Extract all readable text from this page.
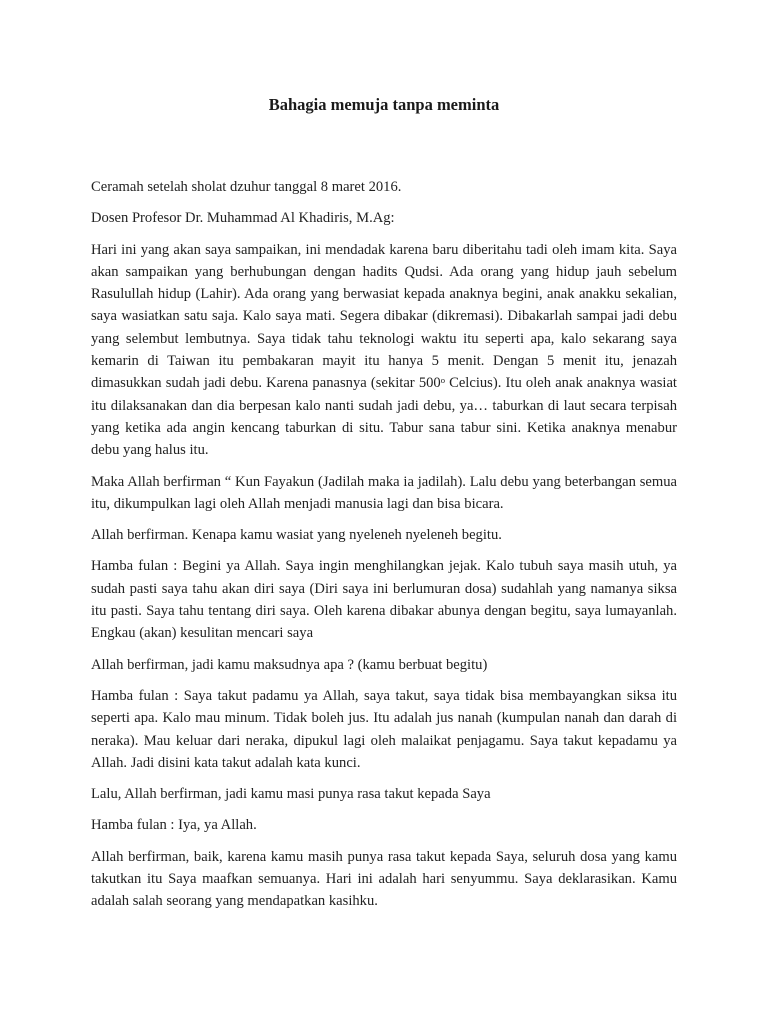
Bahagia memuja tanpa meminta

Ceramah setelah sholat dzuhur tanggal 8 maret 2016.

Dosen Profesor Dr. Muhammad Al Khadiris, M.Ag:

Hari ini yang akan saya sampaikan, ini mendadak karena baru diberitahu tadi oleh imam kita. Saya akan sampaikan yang berhubungan dengan hadits Qudsi. Ada orang yang hidup jauh sebelum Rasulullah hidup (Lahir). Ada orang yang berwasiat kepada anaknya begini, anak anakku sekalian, saya wasiatkan satu saja. Kalo saya mati. Segera dibakar (dikremasi). Dibakarlah sampai jadi debu yang selembut lembutnya. Saya tidak tahu teknologi waktu itu seperti apa, kalo sekarang saya kemarin di Taiwan itu pembakaran mayit itu hanya 5 menit. Dengan 5 menit itu, jenazah dimasukkan sudah jadi debu. Karena panasnya (sekitar 500ᵒ Celcius). Itu oleh anak anaknya wasiat itu dilaksanakan dan dia berpesan kalo nanti sudah jadi debu, ya… taburkan di laut secara terpisah yang ketika ada angin kencang taburkan di situ. Tabur sana tabur sini. Ketika anaknya menabur debu yang halus itu.

Maka Allah berfirman “ Kun Fayakun (Jadilah maka ia jadilah). Lalu debu yang beterbangan semua itu, dikumpulkan lagi oleh Allah menjadi manusia lagi dan bisa bicara.

Allah berfirman. Kenapa kamu wasiat yang nyeleneh nyeleneh begitu.

Hamba fulan : Begini ya Allah. Saya ingin menghilangkan jejak. Kalo tubuh saya masih utuh, ya sudah pasti saya tahu akan diri saya (Diri saya ini berlumuran dosa) sudahlah yang namanya siksa itu pasti. Saya tahu tentang diri saya. Oleh karena dibakar abunya dengan begitu, saya lumayanlah. Engkau (akan) kesulitan mencari saya

Allah berfirman, jadi kamu maksudnya apa ? (kamu berbuat begitu)

Hamba fulan : Saya takut padamu ya Allah, saya takut, saya tidak bisa membayangkan siksa itu seperti apa. Kalo mau minum. Tidak boleh jus. Itu adalah jus nanah (kumpulan nanah dan darah di neraka). Mau keluar dari neraka, dipukul lagi oleh malaikat penjagamu. Saya takut kepadamu ya Allah. Jadi disini kata takut adalah kata kunci.

Lalu, Allah berfirman, jadi kamu masi punya rasa takut kepada Saya

Hamba fulan : Iya, ya Allah.

Allah berfirman, baik, karena kamu masih punya rasa takut kepada Saya, seluruh dosa yang kamu takutkan itu Saya maafkan semuanya. Hari ini adalah hari senyummu. Saya deklarasikan. Kamu adalah salah seorang yang mendapatkan kasihku.
